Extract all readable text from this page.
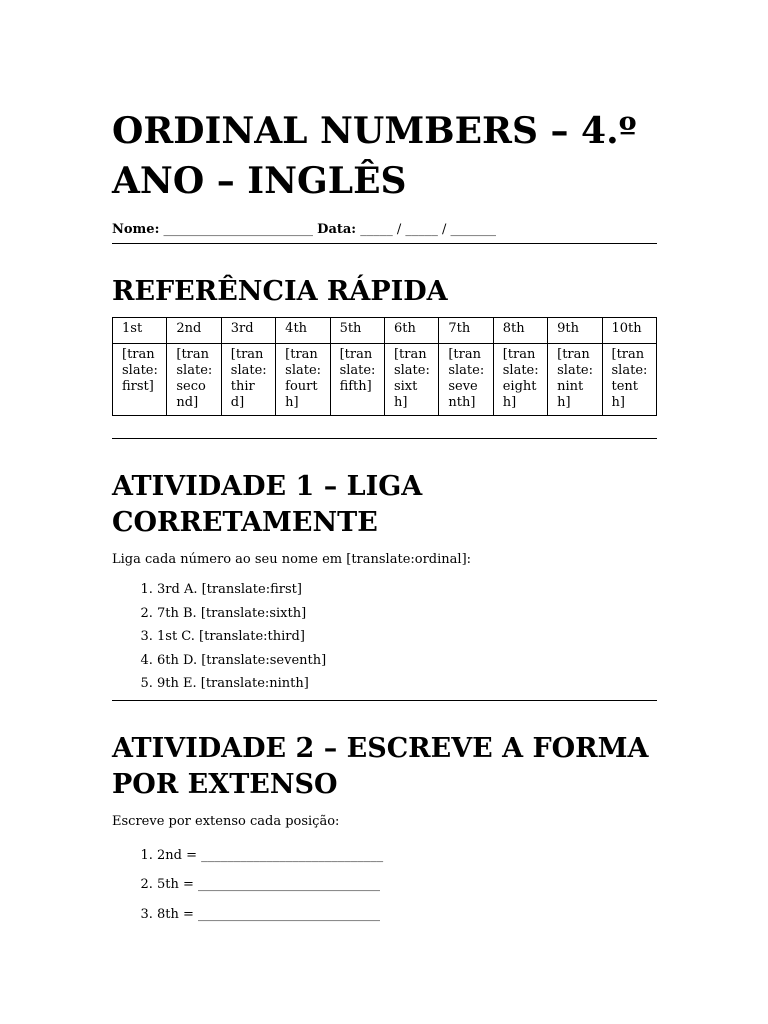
ORDINAL NUMBERS – 4.º ANO – INGLÊS
Nome: _______________________ Data: _____ / _____ / _______
REFERÊNCIA RÁPIDA
1st	2nd	3rd	4th	5th	6th	7th	8th	9th	10th
[translate:first]	[translate:second]	[translate:third]	[translate:fourth]	[translate:fifth]	[translate:sixth]	[translate:seventh]	[translate:eighth]	[translate:ninth]	[translate:tenth]
ATIVIDADE 1 – LIGA CORRETAMENTE

Liga cada número ao seu nome em [translate:ordinal]:

1. 3rd A. [translate:first]
2. 7th B. [translate:sixth]
3. 1st C. [translate:third]
4. 6th D. [translate:seventh]
5. 9th E. [translate:ninth]
ATIVIDADE 2 – ESCREVE A FORMA POR EXTENSO

Escreve por extenso cada posição:

1. 2nd = ____________________________
2. 5th = ____________________________
3. 8th = ____________________________
